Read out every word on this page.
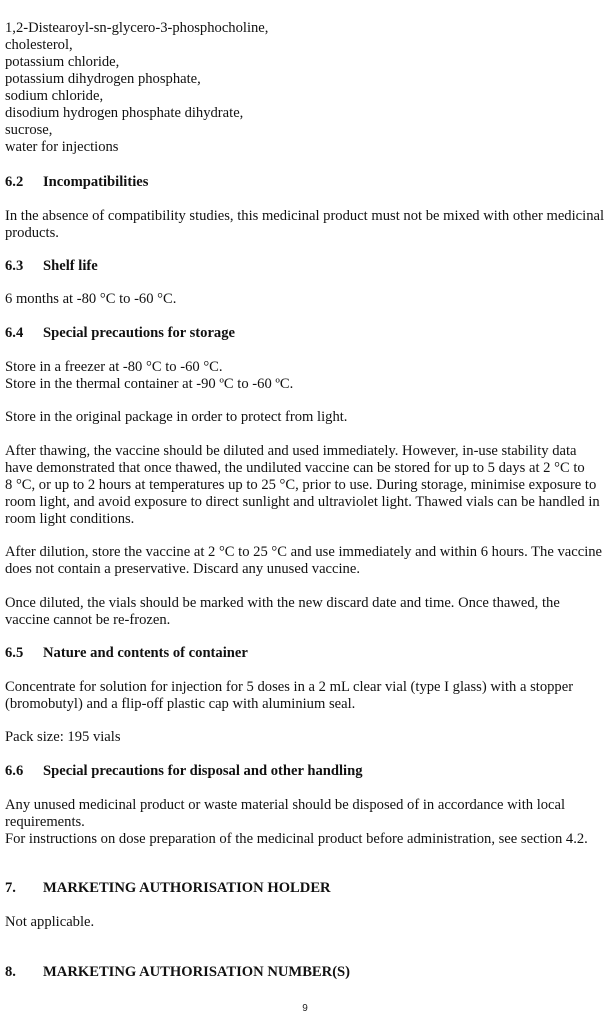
1,2-Distearoyl-sn-glycero-3-phosphocholine,
cholesterol,
potassium chloride,
potassium dihydrogen phosphate,
sodium chloride,
disodium hydrogen phosphate dihydrate,
sucrose,
water for injections
6.2 Incompatibilities
In the absence of compatibility studies, this medicinal product must not be mixed with other medicinal
products.
6.3 Shelf life
6 months at -80 °C to -60 °C.
6.4 Special precautions for storage
Store in a freezer at -80 °C to -60 °C.
Store in the thermal container at -90 ºC to -60 ºC.
Store in the original package in order to protect from light.
After thawing, the vaccine should be diluted and used immediately. However, in-use stability data
have demonstrated that once thawed, the undiluted vaccine can be stored for up to 5 days at 2 °C to
8 °C, or up to 2 hours at temperatures up to 25 °C, prior to use. During storage, minimise exposure to
room light, and avoid exposure to direct sunlight and ultraviolet light. Thawed vials can be handled in
room light conditions.
After dilution, store the vaccine at 2 °C to 25 °C and use immediately and within 6 hours. The vaccine
does not contain a preservative. Discard any unused vaccine.
Once diluted, the vials should be marked with the new discard date and time. Once thawed, the
vaccine cannot be re-frozen.
6.5 Nature and contents of container
Concentrate for solution for injection for 5 doses in a 2 mL clear vial (type I glass) with a stopper
(bromobutyl) and a flip-off plastic cap with aluminium seal.
Pack size: 195 vials
6.6 Special precautions for disposal and other handling
Any unused medicinal product or waste material should be disposed of in accordance with local
requirements.
For instructions on dose preparation of the medicinal product before administration, see section 4.2.
7. MARKETING AUTHORISATION HOLDER
Not applicable.
8. MARKETING AUTHORISATION NUMBER(S)
9
